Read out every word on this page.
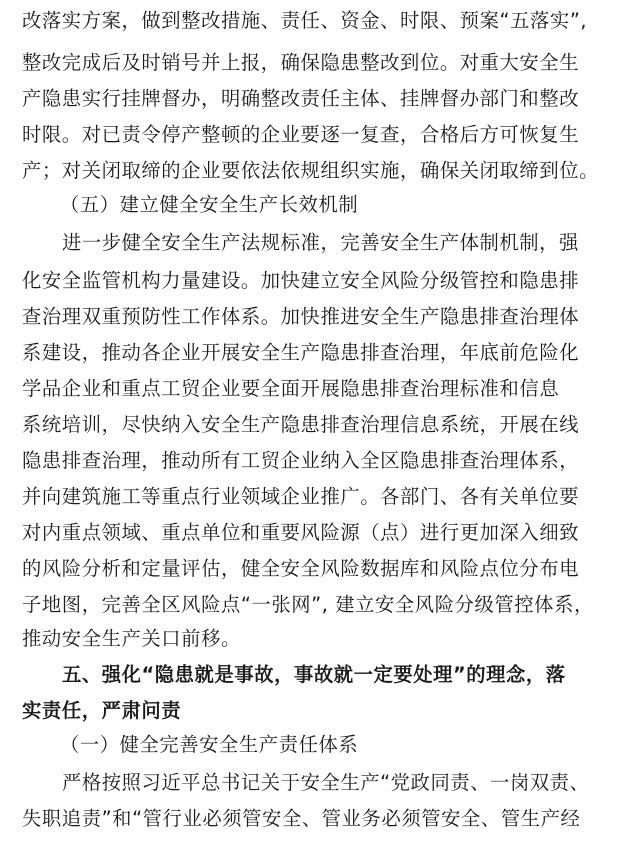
改落实方案，做到整改措施、责任、资金、时限、预案“五落实”,
整改完成后及时销号并上报，确保隐患整改到位。对重大安全生
产隐患实行挂牌督办，明确整改责任主体、挂牌督办部门和整改
时限。对已责令停产整顿的企业要逐一复查，合格后方可恢复生
产；对关闭取缔的企业要依法依规组织实施，确保关闭取缔到位。
（五）建立健全安全生产长效机制
进一步健全安全生产法规标准，完善安全生产体制机制，强
化安全监管机构力量建设。加快建立安全风险分级管控和隐患排
查治理双重预防性工作体系。加快推进安全生产隐患排查治理体
系建设，推动各企业开展安全生产隐患排查治理，年底前危险化
学品企业和重点工贸企业要全面开展隐患排查治理标准和信息
系统培训，尽快纳入安全生产隐患排查治理信息系统，开展在线
隐患排查治理，推动所有工贸企业纳入全区隐患排查治理体系，
并向建筑施工等重点行业领域企业推广。各部门、各有关单位要
对内重点领域、重点单位和重要风险源（点）进行更加深入细致
的风险分析和定量评估，健全安全风险数据库和风险点位分布电
子地图，完善全区风险点“一张网”, 建立安全风险分级管控体系，
推动安全生产关口前移。
五、强化“隐患就是事故，事故就一定要处理”的理念，落
实责任，严肃问责
（一）健全完善安全生产责任体系
严格按照习近平总书记关于安全生产“党政同责、一岗双责、
失职追责”和“管行业必须管安全、管业务必须管安全、管生产经
